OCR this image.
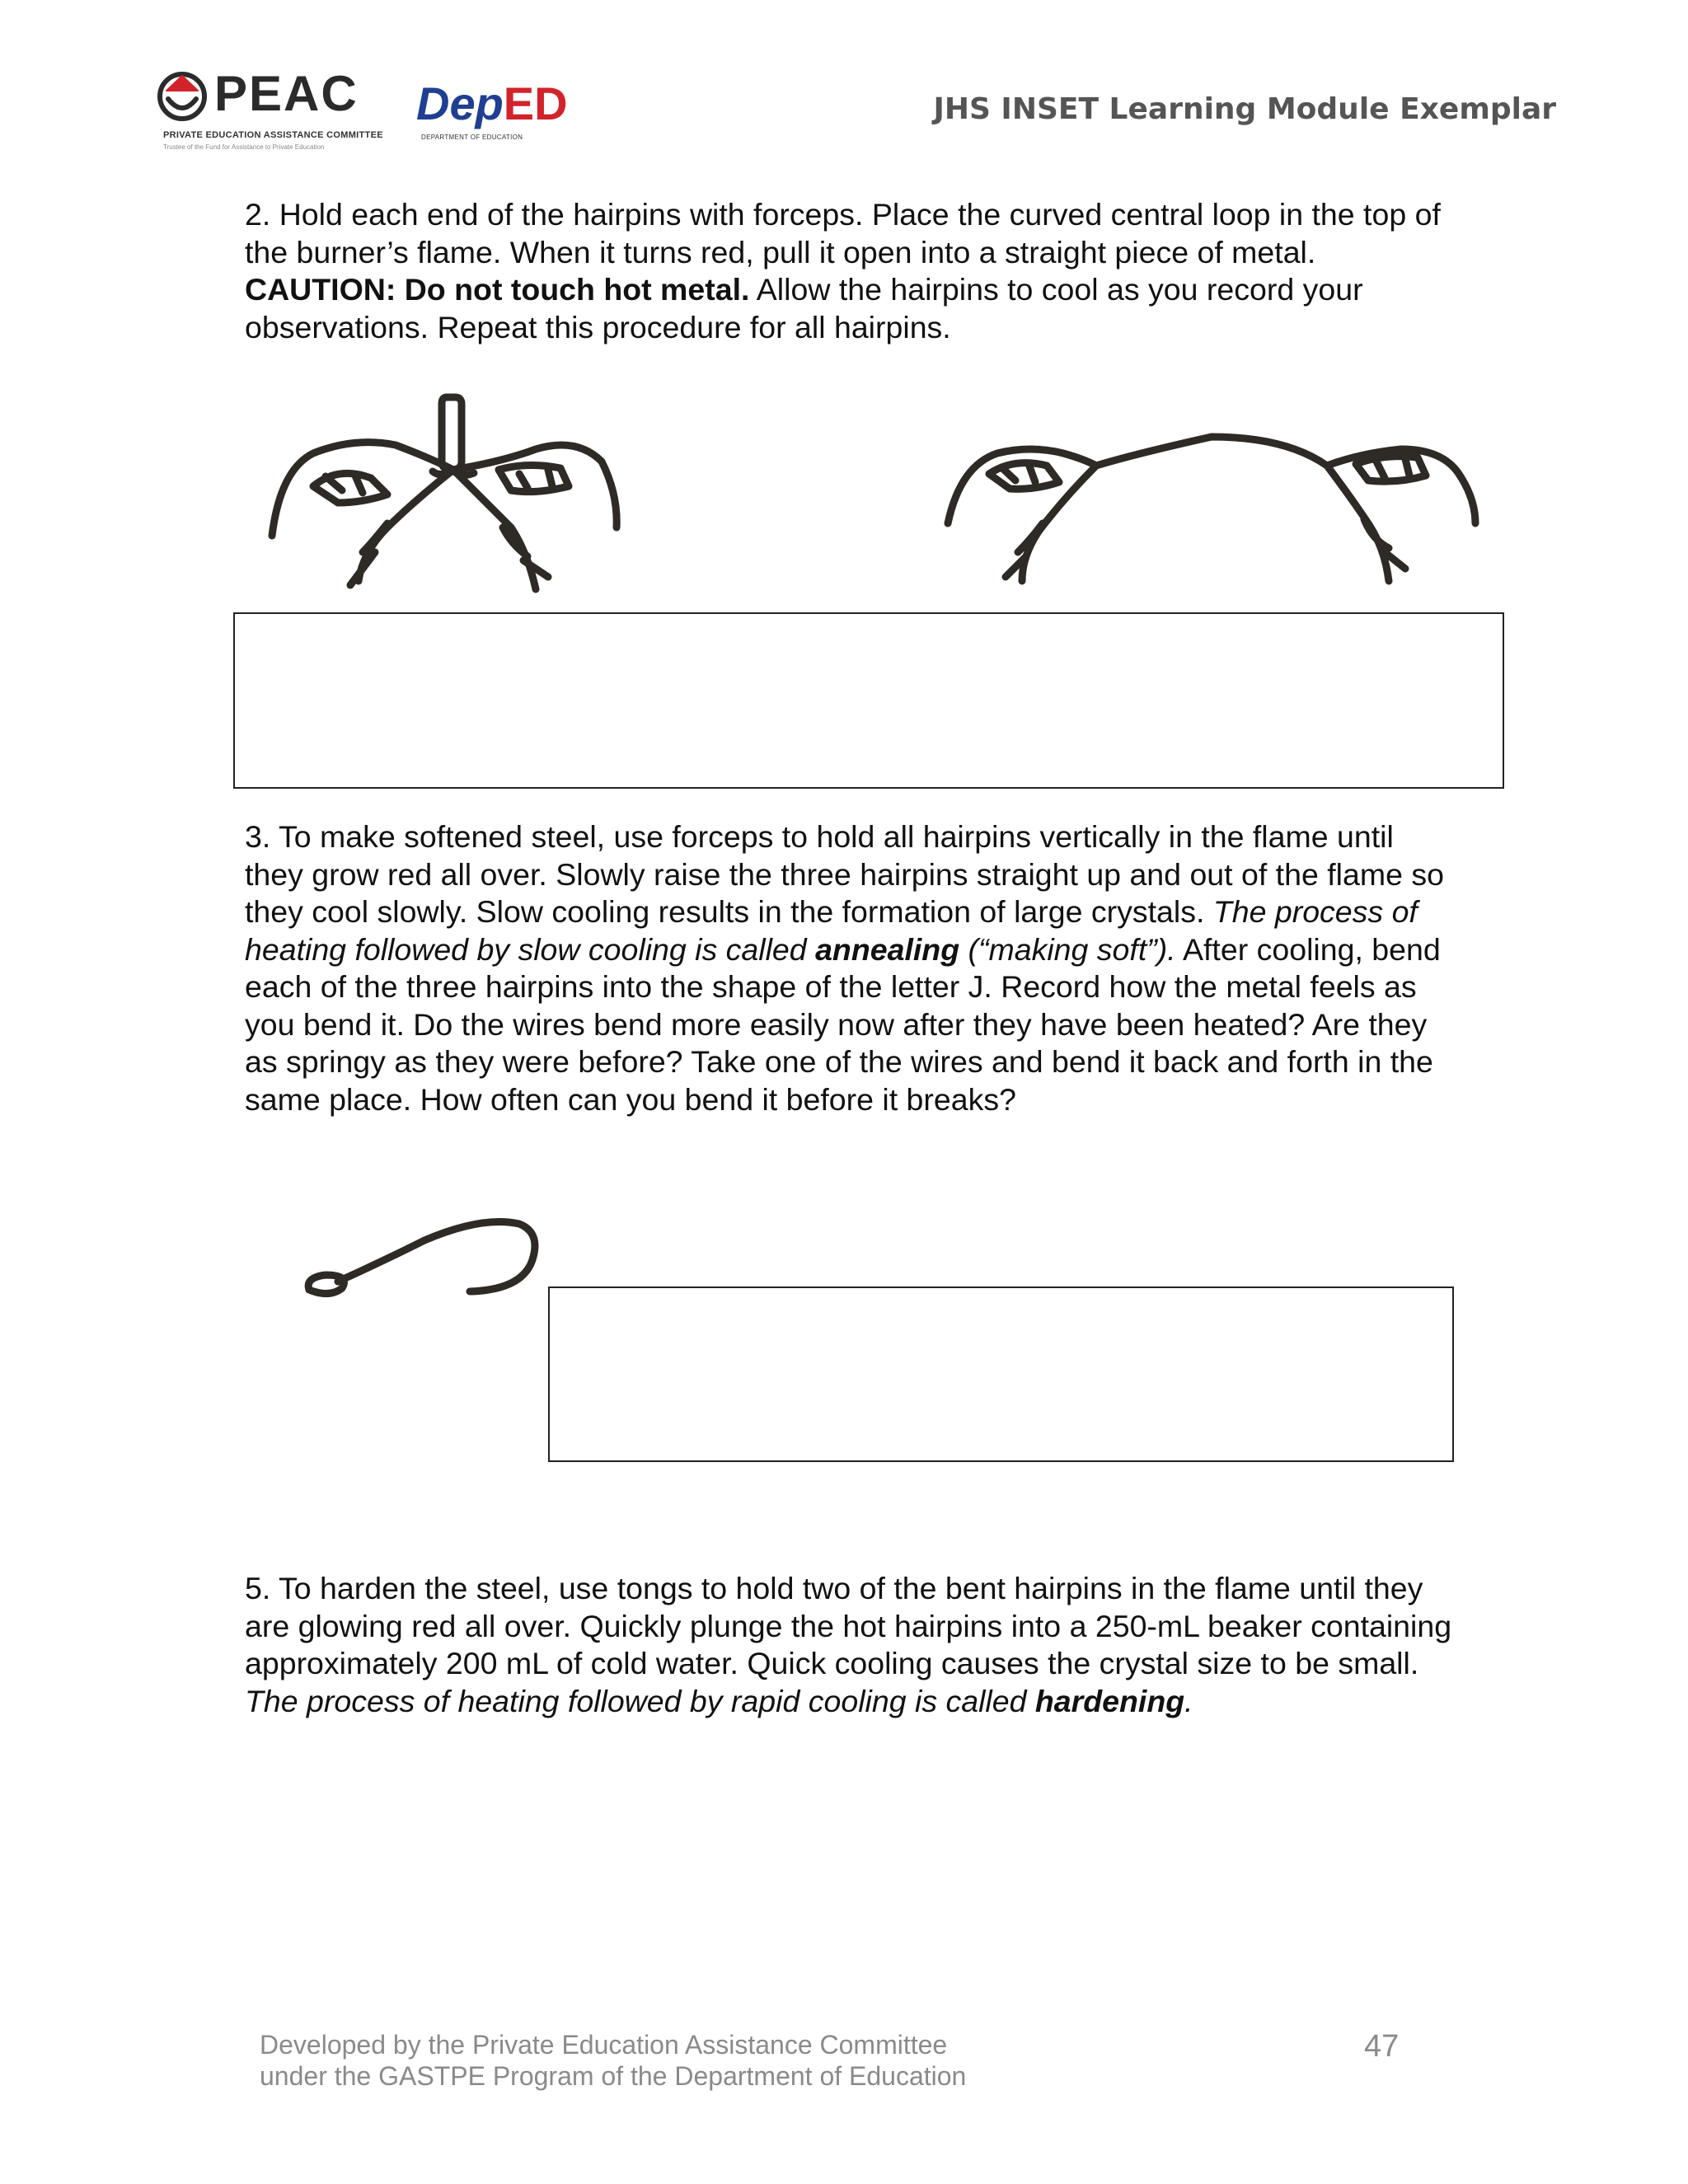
PEAC
PRIVATE EDUCATION ASSISTANCE COMMITTEE
Trustee of the Fund for Assistance to Private Education
DepED
DEPARTMENT OF EDUCATION
JHS INSET Learning Module Exemplar
2. Hold each end of the hairpins with forceps. Place the curved central loop in the top of the burner’s flame. When it turns red, pull it open into a straight piece of metal. CAUTION: Do not touch hot metal. Allow the hairpins to cool as you record your observations. Repeat this procedure for all hairpins.
3. To make softened steel, use forceps to hold all hairpins vertically in the flame until they grow red all over. Slowly raise the three hairpins straight up and out of the flame so they cool slowly. Slow cooling results in the formation of large crystals. The process of heating followed by slow cooling is called annealing (“making soft”). After cooling, bend each of the three hairpins into the shape of the letter J. Record how the metal feels as you bend it. Do the wires bend more easily now after they have been heated? Are they as springy as they were before? Take one of the wires and bend it back and forth in the same place. How often can you bend it before it breaks?
5. To harden the steel, use tongs to hold two of the bent hairpins in the flame until they are glowing red all over. Quickly plunge the hot hairpins into a 250-mL beaker containing approximately 200 mL of cold water. Quick cooling causes the crystal size to be small. The process of heating followed by rapid cooling is called hardening.
Developed by the Private Education Assistance Committee
under the GASTPE Program of the Department of Education
47
